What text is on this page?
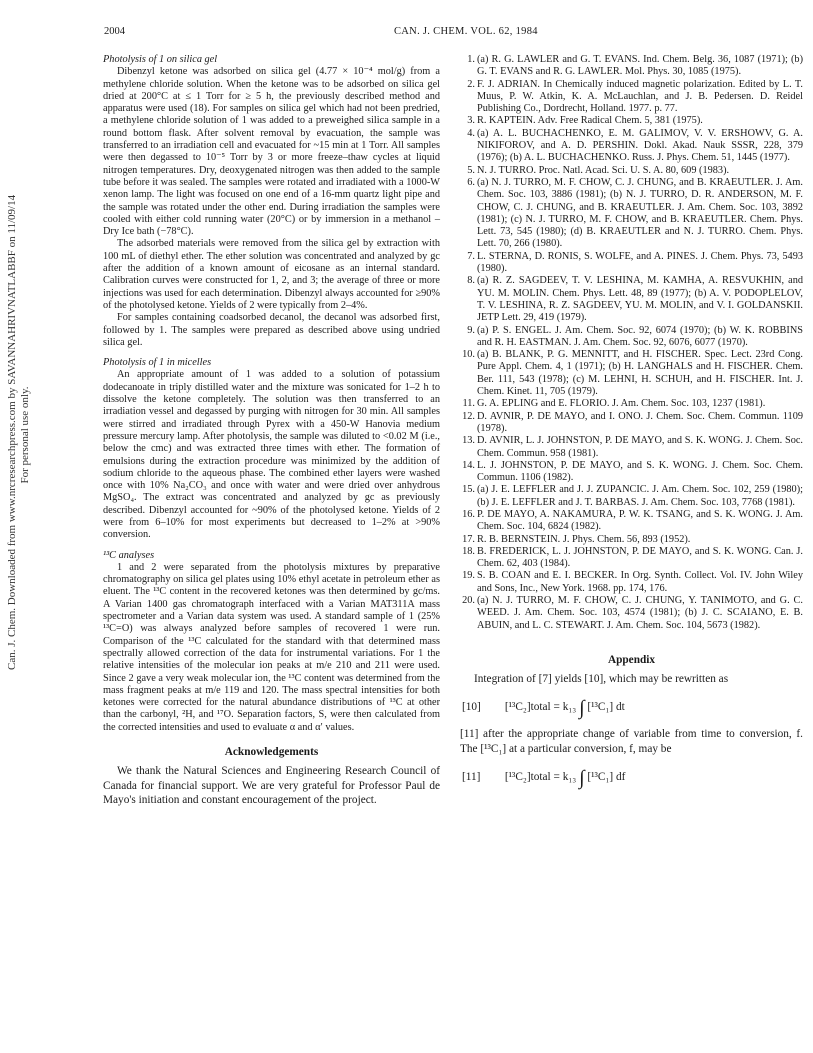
2004	CAN. J. CHEM. VOL. 62, 1984
Can. J. Chem. Downloaded from www.nrcresearchpress.com by SAVANNAHRIVNATLABBF on 11/09/14 For personal use only.
Photolysis of 1 on silica gel

Dibenzyl ketone was adsorbed on silica gel (4.77 × 10⁻⁴ mol/g) from a methylene chloride solution. When the ketone was to be adsorbed on silica gel dried at 200°C at ≤ 1 Torr for ≥ 5 h, the previously described method and apparatus were used (18). For samples on silica gel which had not been predried, a methylene chloride solution of 1 was added to a preweighed silica sample in a round bottom flask. After solvent removal by evacuation, the sample was transferred to an irradiation cell and evacuated for ~15 min at 1 Torr. All samples were then degassed to 10⁻⁵ Torr by 3 or more freeze–thaw cycles at liquid nitrogen temperatures. Dry, deoxygenated nitrogen was then added to the sample tube before it was sealed. The samples were rotated and irradiated with a 1000-W xenon lamp. The light was focused on one end of a 16-mm quartz light pipe and the sample was rotated under the other end. During irradiation the samples were cooled with either cold running water (20°C) or by immersion in a methanol – Dry Ice bath (−78°C).

The adsorbed materials were removed from the silica gel by extraction with 100 mL of diethyl ether. The ether solution was concentrated and analyzed by gc after the addition of a known amount of eicosane as an internal standard. Calibration curves were constructed for 1, 2, and 3; the average of three or more injections was used for each determination. Dibenzyl always accounted for ≥90% of the photolysed ketone. Yields of 2 were typically from 2–4%.

For samples containing coadsorbed decanol, the decanol was adsorbed first, followed by 1. The samples were prepared as described above using undried silica gel.

Photolysis of 1 in micelles

An appropriate amount of 1 was added to a solution of potassium dodecanoate in triply distilled water and the mixture was sonicated for 1–2 h to dissolve the ketone completely. The solution was then transferred to an irradiation vessel and degassed by purging with nitrogen for 30 min. All samples were stirred and irradiated through Pyrex with a 450-W Hanovia medium pressure mercury lamp. After photolysis, the sample was diluted to <0.02 M (i.e., below the cmc) and was extracted three times with ether. The formation of emulsions during the extraction procedure was minimized by the addition of sodium chloride to the aqueous phase. The combined ether layers were washed once with 10% Na₂CO₃ and once with water and were dried over anhydrous MgSO₄. The extract was concentrated and analyzed by gc as previously described. Dibenzyl accounted for ~90% of the photolysed ketone. Yields of 2 were from 6–10% for most experiments but decreased to 1–2% at >90% conversion.

¹³C analyses

1 and 2 were separated from the photolysis mixtures by preparative chromatography on silica gel plates using 10% ethyl acetate in petroleum ether as eluent. The ¹³C content in the recovered ketones was then determined by gc/ms. A Varian 1400 gas chromatograph interfaced with a Varian MAT311A mass spectrometer and a Varian data system was used. A standard sample of 1 (25% ¹³C=O) was always analyzed before samples of recovered 1 were run. Comparison of the ¹³C calculated for the standard with that determined mass spectrally allowed correction of the data for instrumental variations. For 1 the relative intensities of the molecular ion peaks at m/e 210 and 211 were used. Since 2 gave a very weak molecular ion, the ¹³C content was determined from the mass fragment peaks at m/e 119 and 120. The mass spectral intensities for both ketones were corrected for the natural abundance distributions of ¹³C at other than the carbonyl, ²H, and ¹⁷O. Separation factors, S, were then calculated from the corrected intensities and used to evaluate α and α′ values.

Acknowledgements

We thank the Natural Sciences and Engineering Research Council of Canada for financial support. We are very grateful for Professor Paul de Mayo's initiation and constant encouragement of the project.

1. (a) R. G. LAWLER and G. T. EVANS. Ind. Chem. Belg. 36, 1087 (1971); (b) G. T. EVANS and R. G. LAWLER. Mol. Phys. 30, 1085 (1975).
2. F. J. ADRIAN. In Chemically induced magnetic polarization. Edited by L. T. Muus, P. W. Atkin, K. A. McLauchlan, and J. B. Pedersen. D. Reidel Publishing Co., Dordrecht, Holland. 1977. p. 77.
3. R. KAPTEIN. Adv. Free Radical Chem. 5, 381 (1975).
4. (a) A. L. BUCHACHENKO, E. M. GALIMOV, V. V. ERSHOWV, G. A. NIKIFOROV, and A. D. PERSHIN. Dokl. Akad. Nauk SSSR, 228, 379 (1976); (b) A. L. BUCHACHENKO. Russ. J. Phys. Chem. 51, 1445 (1977).
5. N. J. TURRO. Proc. Natl. Acad. Sci. U. S. A. 80, 609 (1983).
6. (a) N. J. TURRO, M. F. CHOW, C. J. CHUNG, and B. KRAEUTLER. J. Am. Chem. Soc. 103, 3886 (1981); (b) N. J. TURRO, D. R. ANDERSON, M. F. CHOW, C. J. CHUNG, and B. KRAEUTLER. J. Am. Chem. Soc. 103, 3892 (1981); (c) N. J. TURRO, M. F. CHOW, and B. KRAEUTLER. Chem. Phys. Lett. 73, 545 (1980); (d) B. KRAEUTLER and N. J. TURRO. Chem. Phys. Lett. 70, 266 (1980).
7. L. STERNA, D. RONIS, S. WOLFE, and A. PINES. J. Chem. Phys. 73, 5493 (1980).
8. (a) R. Z. SAGDEEV, T. V. LESHINA, M. KAMHA, A. RESVUKHIN, and YU. M. MOLIN. Chem. Phys. Lett. 48, 89 (1977); (b) A. V. PODOPLELOV, T. V. LESHINA, R. Z. SAGDEEV, YU. M. MOLIN, and V. I. GOLDANSKII. JETP Lett. 29, 419 (1979).
9. (a) P. S. ENGEL. J. Am. Chem. Soc. 92, 6074 (1970); (b) W. K. ROBBINS and R. H. EASTMAN. J. Am. Chem. Soc. 92, 6076, 6077 (1970).
10. (a) B. BLANK, P. G. MENNITT, and H. FISCHER. Spec. Lect. 23rd Cong. Pure Appl. Chem. 4, 1 (1971); (b) H. LANGHALS and H. FISCHER. Chem. Ber. 111, 543 (1978); (c) M. LEHNI, H. SCHUH, and H. FISCHER. Int. J. Chem. Kinet. 11, 705 (1979).
11. G. A. EPLING and E. FLORIO. J. Am. Chem. Soc. 103, 1237 (1981).
12. D. AVNIR, P. DE MAYO, and I. ONO. J. Chem. Soc. Chem. Commun. 1109 (1978).
13. D. AVNIR, L. J. JOHNSTON, P. DE MAYO, and S. K. WONG. J. Chem. Soc. Chem. Commun. 958 (1981).
14. L. J. JOHNSTON, P. DE MAYO, and S. K. WONG. J. Chem. Soc. Chem. Commun. 1106 (1982).
15. (a) J. E. LEFFLER and J. J. ZUPANCIC. J. Am. Chem. Soc. 102, 259 (1980); (b) J. E. LEFFLER and J. T. BARBAS. J. Am. Chem. Soc. 103, 7768 (1981).
16. P. DE MAYO, A. NAKAMURA, P. W. K. TSANG, and S. K. WONG. J. Am. Chem. Soc. 104, 6824 (1982).
17. R. B. BERNSTEIN. J. Phys. Chem. 56, 893 (1952).
18. B. FREDERICK, L. J. JOHNSTON, P. DE MAYO, and S. K. WONG. Can. J. Chem. 62, 403 (1984).
19. S. B. COAN and E. I. BECKER. In Org. Synth. Collect. Vol. IV. John Wiley and Sons, Inc., New York. 1968. pp. 174, 176.
20. (a) N. J. TURRO, M. F. CHOW, C. J. CHUNG, Y. TANIMOTO, and G. C. WEED. J. Am. Chem. Soc. 103, 4574 (1981); (b) J. C. SCAIANO, E. B. ABUIN, and L. C. STEWART. J. Am. Chem. Soc. 104, 5673 (1982).
Appendix

Integration of [7] yields [10], which may be rewritten as

[10] [¹³C₂]total = k₁₃ ∫ [¹³C₁] dt

[11] after the appropriate change of variable from time to conversion, f. The [¹³C₁] at a particular conversion, f, may be

[11] [¹³C₂]total = k₁₃ ∫ [¹³C₁] df
